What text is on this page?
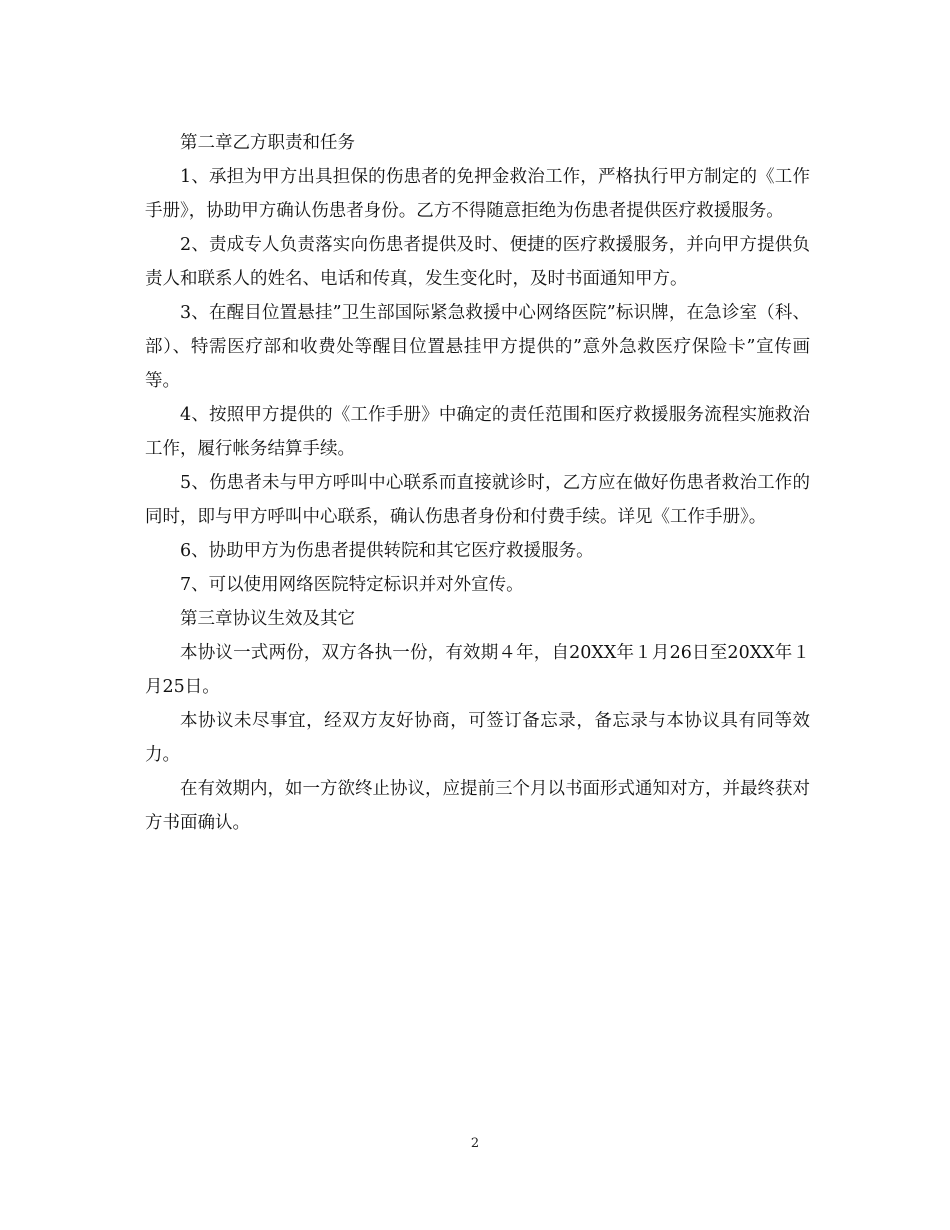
第二章乙方职责和任务

1、承担为甲方出具担保的伤患者的免押金救治工作，严格执行甲方制定的《工作手册》，协助甲方确认伤患者身份。乙方不得随意拒绝为伤患者提供医疗救援服务。

2、责成专人负责落实向伤患者提供及时、便捷的医疗救援服务，并向甲方提供负责人和联系人的姓名、电话和传真，发生变化时，及时书面通知甲方。

3、在醒目位置悬挂”卫生部国际紧急救援中心网络医院”标识牌，在急诊室（科、部）、特需医疗部和收费处等醒目位置悬挂甲方提供的”意外急救医疗保险卡”宣传画等。

4、按照甲方提供的《工作手册》中确定的责任范围和医疗救援服务流程实施救治工作，履行帐务结算手续。

5、伤患者未与甲方呼叫中心联系而直接就诊时，乙方应在做好伤患者救治工作的同时，即与甲方呼叫中心联系，确认伤患者身份和付费手续。详见《工作手册》。

6、协助甲方为伤患者提供转院和其它医疗救援服务。

7、可以使用网络医院特定标识并对外宣传。

第三章协议生效及其它

本协议一式两份，双方各执一份，有效期４年，自20XX年１月26日至20XX年１月25日。

本协议未尽事宜，经双方友好协商，可签订备忘录，备忘录与本协议具有同等效力。

在有效期内，如一方欲终止协议，应提前三个月以书面形式通知对方，并最终获对方书面确认。

2
